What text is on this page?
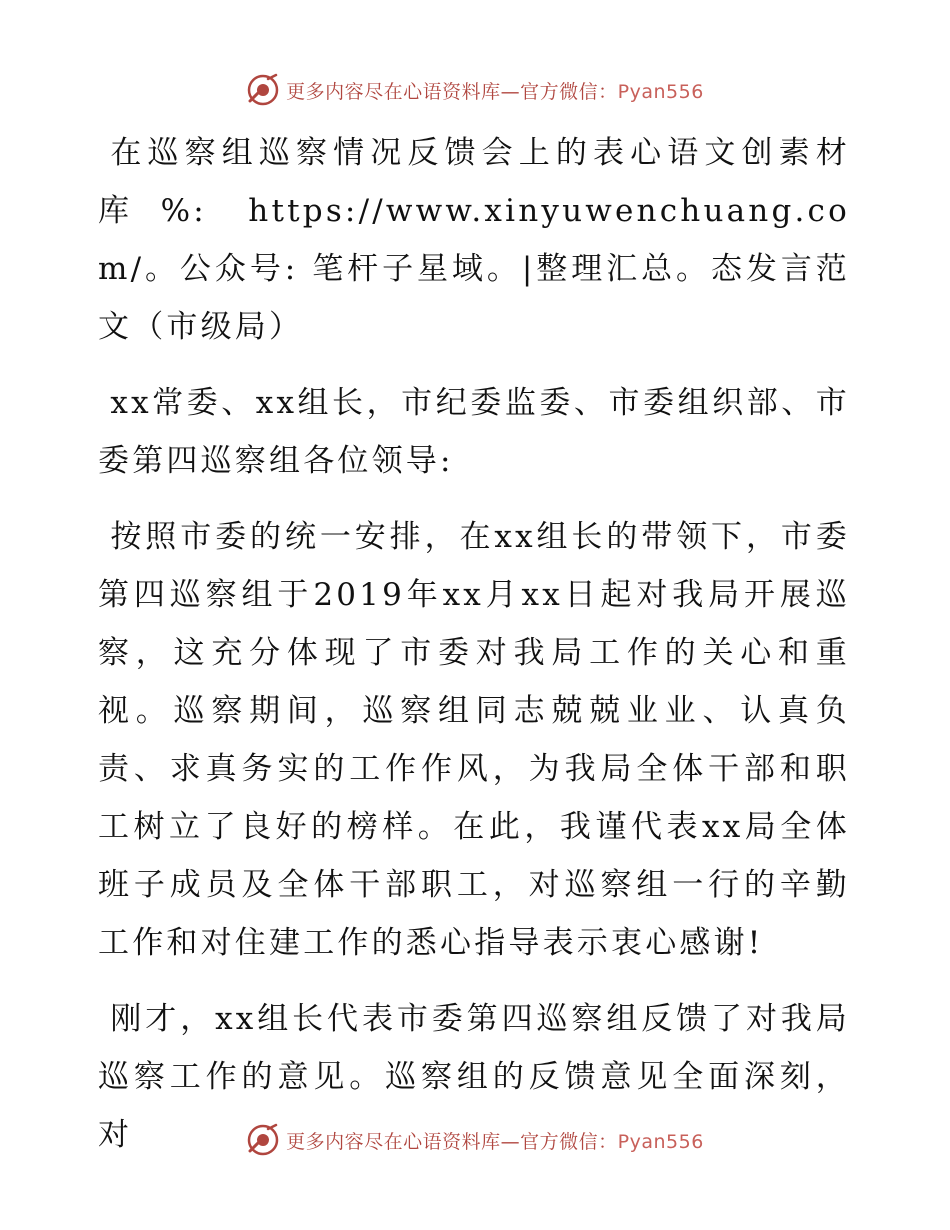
更多内容尽在心语资料库—官方微信：Pyan556

在巡察组巡察情况反馈会上的表心语文创素材库%: https://www.xinyuwenchuang.com/。公众号: 笔杆子星域。|整理汇总。态发言范文（市级局）

xx常委、xx组长，市纪委监委、市委组织部、市委第四巡察组各位领导:

按照市委的统一安排，在xx组长的带领下，市委第四巡察组于2019年xx月xx日起对我局开展巡察，这充分体现了市委对我局工作的关心和重视。巡察期间，巡察组同志兢兢业业、认真负责、求真务实的工作作风，为我局全体干部和职工树立了良好的榜样。在此，我谨代表xx局全体班子成员及全体干部职工，对巡察组一行的辛勤工作和对住建工作的悉心指导表示衷心感谢!

刚才，xx组长代表市委第四巡察组反馈了对我局巡察工作的意见。巡察组的反馈意见全面深刻，对	更多内容尽在心语资料库—官方微信：Pyan556
